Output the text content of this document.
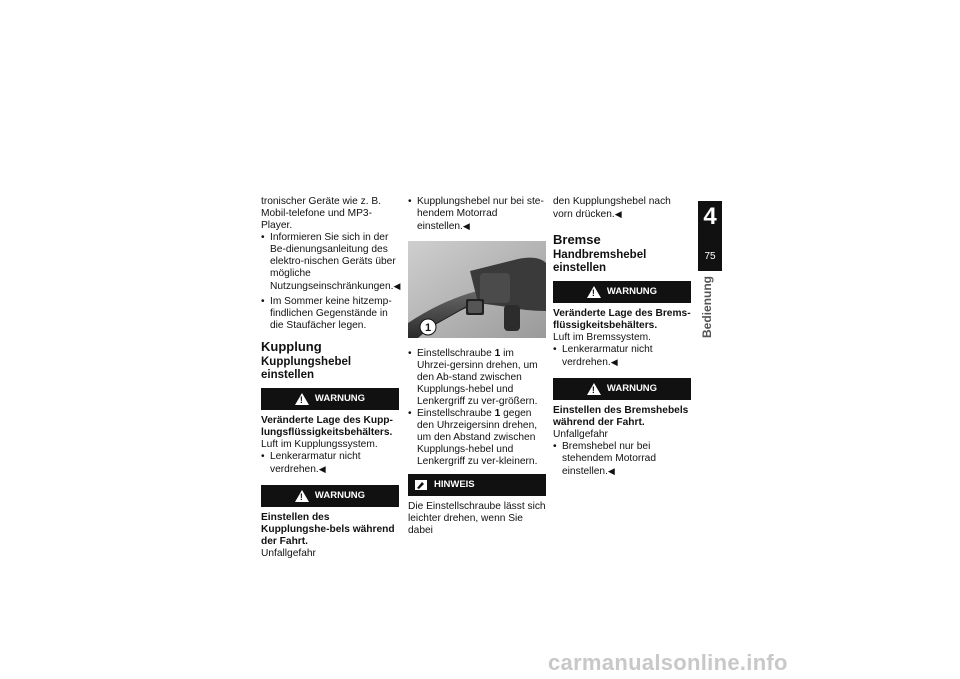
tronischer Geräte wie z. B. Mobil-telefone und MP3-Player.

• Informieren Sie sich in der Be-dienungsanleitung des elektro-nischen Geräts über mögliche Nutzungseinschränkungen.◀

• Im Sommer keine hitzemp-findlichen Gegenstände in die Staufächer legen.

Kupplung

Kupplungshebel einstellen

!
WARNUNG

Veränderte Lage des Kupp-lungsflüssigkeitsbehälters.

Luft im Kupplungssystem.

• Lenkerarmatur nicht verdrehen.◀

!
WARNUNG

Einstellen des Kupplungshe-bels während der Fahrt.

Unfallgefahr

• Kupplungshebel nur bei ste-hendem Motorrad einstellen.◀

1

• Einstellschraube 1 im Uhrzei-gersinn drehen, um den Ab-stand zwischen Kupplungs-hebel und Lenkergriff zu ver-größern.

• Einstellschraube 1 gegen den Uhrzeigersinn drehen, um den Abstand zwischen Kupplungs-hebel und Lenkergriff zu ver-kleinern.

HINWEIS

Die Einstellschraube lässt sich leichter drehen, wenn Sie dabei

den Kupplungshebel nach vorn drücken.◀

Bremse

Handbremshebel einstellen

!
WARNUNG

Veränderte Lage des Brems-flüssigkeitsbehälters.

Luft im Bremssystem.

• Lenkerarmatur nicht verdrehen.◀

!
WARNUNG

Einstellen des Bremshebels während der Fahrt.

Unfallgefahr

• Bremshebel nur bei stehendem Motorrad einstellen.◀

4
75
Bedienung
carmanualsonline.info
